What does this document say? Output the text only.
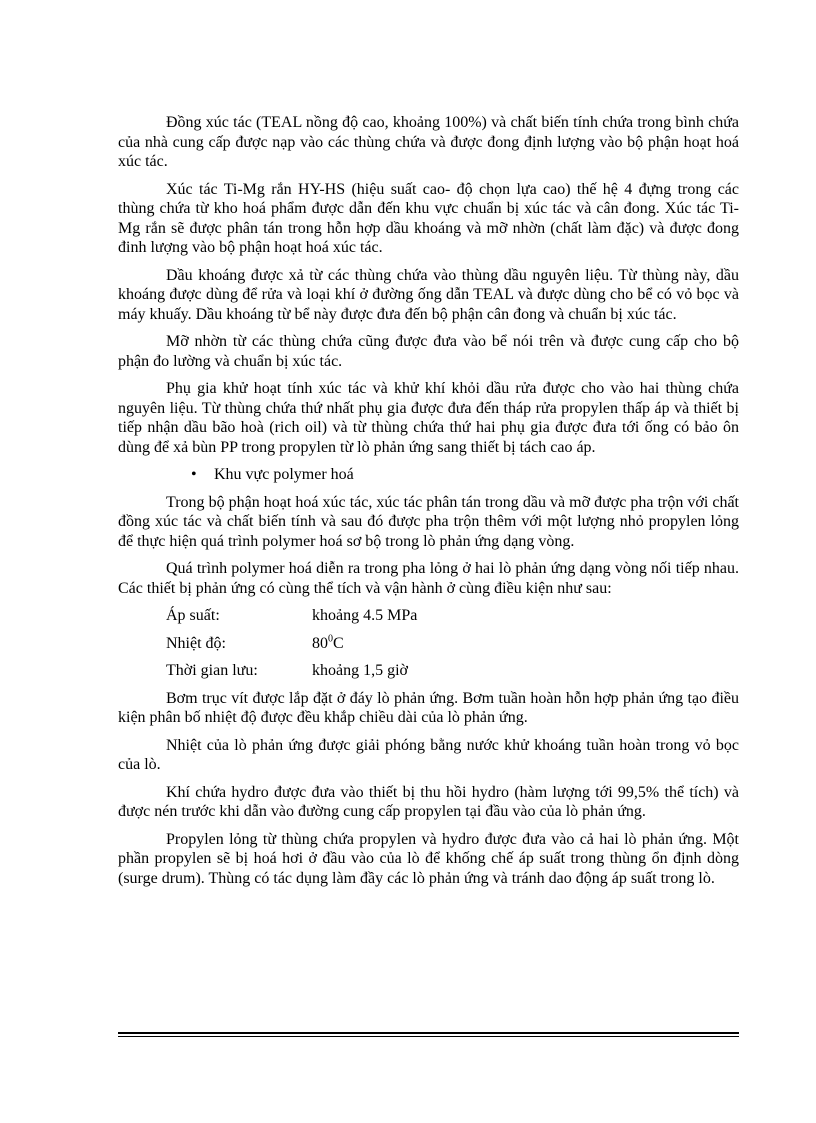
Đồng xúc tác (TEAL nồng độ cao, khoảng 100%) và chất biến tính chứa trong bình chứa của nhà cung cấp được nạp vào các thùng chứa và được đong định lượng vào bộ phận hoạt hoá xúc tác.

Xúc tác Ti-Mg rắn HY-HS (hiệu suất cao- độ chọn lựa cao) thế hệ 4 đựng trong các thùng chứa từ kho hoá phẩm được dẫn đến khu vực chuẩn bị xúc tác và cân đong. Xúc tác Ti-Mg rắn sẽ được phân tán trong hỗn hợp dầu khoáng và mỡ nhờn (chất làm đặc) và được đong đinh lượng vào bộ phận hoạt hoá xúc tác.

Dầu khoáng được xả từ các thùng chứa vào thùng dầu nguyên liệu. Từ thùng này, dầu khoáng được dùng để rửa và loại khí ở đường ống dẫn TEAL và được dùng cho bể có vỏ bọc và máy khuấy. Dầu khoáng từ bể này được đưa đến bộ phận cân đong và chuẩn bị xúc tác.

Mỡ nhờn từ các thùng chứa cũng được đưa vào bể nói trên và được cung cấp cho bộ phận đo lường và chuẩn bị xúc tác.

Phụ gia khử hoạt tính xúc tác và khử khí khỏi dầu rửa được cho vào hai thùng chứa nguyên liệu. Từ thùng chứa thứ nhất phụ gia được đưa đến tháp rửa propylen thấp áp và thiết bị tiếp nhận dầu bão hoà (rich oil) và từ thùng chứa thứ hai phụ gia được đưa tới ống có bảo ôn dùng để xả bùn PP trong propylen từ lò phản ứng sang thiết bị tách cao áp.

• Khu vực polymer hoá

Trong bộ phận hoạt hoá xúc tác, xúc tác phân tán trong dầu và mỡ được pha trộn với chất đồng xúc tác và chất biến tính và sau đó được pha trộn thêm với một lượng nhỏ propylen lỏng để thực hiện quá trình polymer hoá sơ bộ trong lò phản ứng dạng vòng.

Quá trình polymer hoá diễn ra trong pha lỏng ở hai lò phản ứng dạng vòng nối tiếp nhau. Các thiết bị phản ứng có cùng thể tích và vận hành ở cùng điều kiện như sau:

Áp suất:	khoảng 4.5 MPa
Nhiệt độ:	$80^0C$
Thời gian lưu:	khoảng 1,5 giờ

Bơm trục vít được lắp đặt ở đáy lò phản ứng. Bơm tuần hoàn hỗn hợp phản ứng tạo điều kiện phân bố nhiệt độ được đều khắp chiều dài của lò phản ứng.

Nhiệt của lò phản ứng được giải phóng bằng nước khử khoáng tuần hoàn trong vỏ bọc của lò.

Khí chứa hydro được đưa vào thiết bị thu hồi hydro (hàm lượng tới 99,5% thể tích) và được nén trước khi dẫn vào đường cung cấp propylen tại đầu vào của lò phản ứng.

Propylen lỏng từ thùng chứa propylen và hydro được đưa vào cả hai lò phản ứng. Một phần propylen sẽ bị hoá hơi ở đầu vào của lò để khống chế áp suất trong thùng ổn định dòng (surge drum). Thùng có tác dụng làm đầy các lò phản ứng và tránh dao động áp suất trong lò.
